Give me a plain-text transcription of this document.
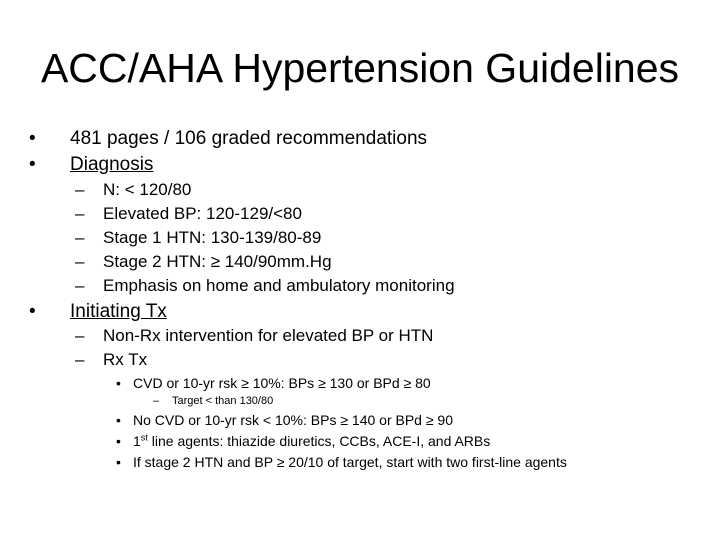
ACC/AHA Hypertension Guidelines
• 481 pages / 106 graded recommendations
• Diagnosis
– N: < 120/80
– Elevated BP: 120-129/<80
– Stage 1 HTN: 130-139/80-89
– Stage 2 HTN: ≥ 140/90mm.Hg
– Emphasis on home and ambulatory monitoring
• Initiating Tx
– Non-Rx intervention for elevated BP or HTN
– Rx Tx
• CVD or 10-yr rsk ≥ 10%: BPs ≥ 130 or BPd ≥ 80
– Target < than 130/80
• No CVD or 10-yr rsk < 10%: BPs ≥ 140 or BPd ≥ 90
• 1st line agents: thiazide diuretics, CCBs, ACE-I, and ARBs
• If stage 2 HTN and BP ≥ 20/10 of target, start with two first-line agents
